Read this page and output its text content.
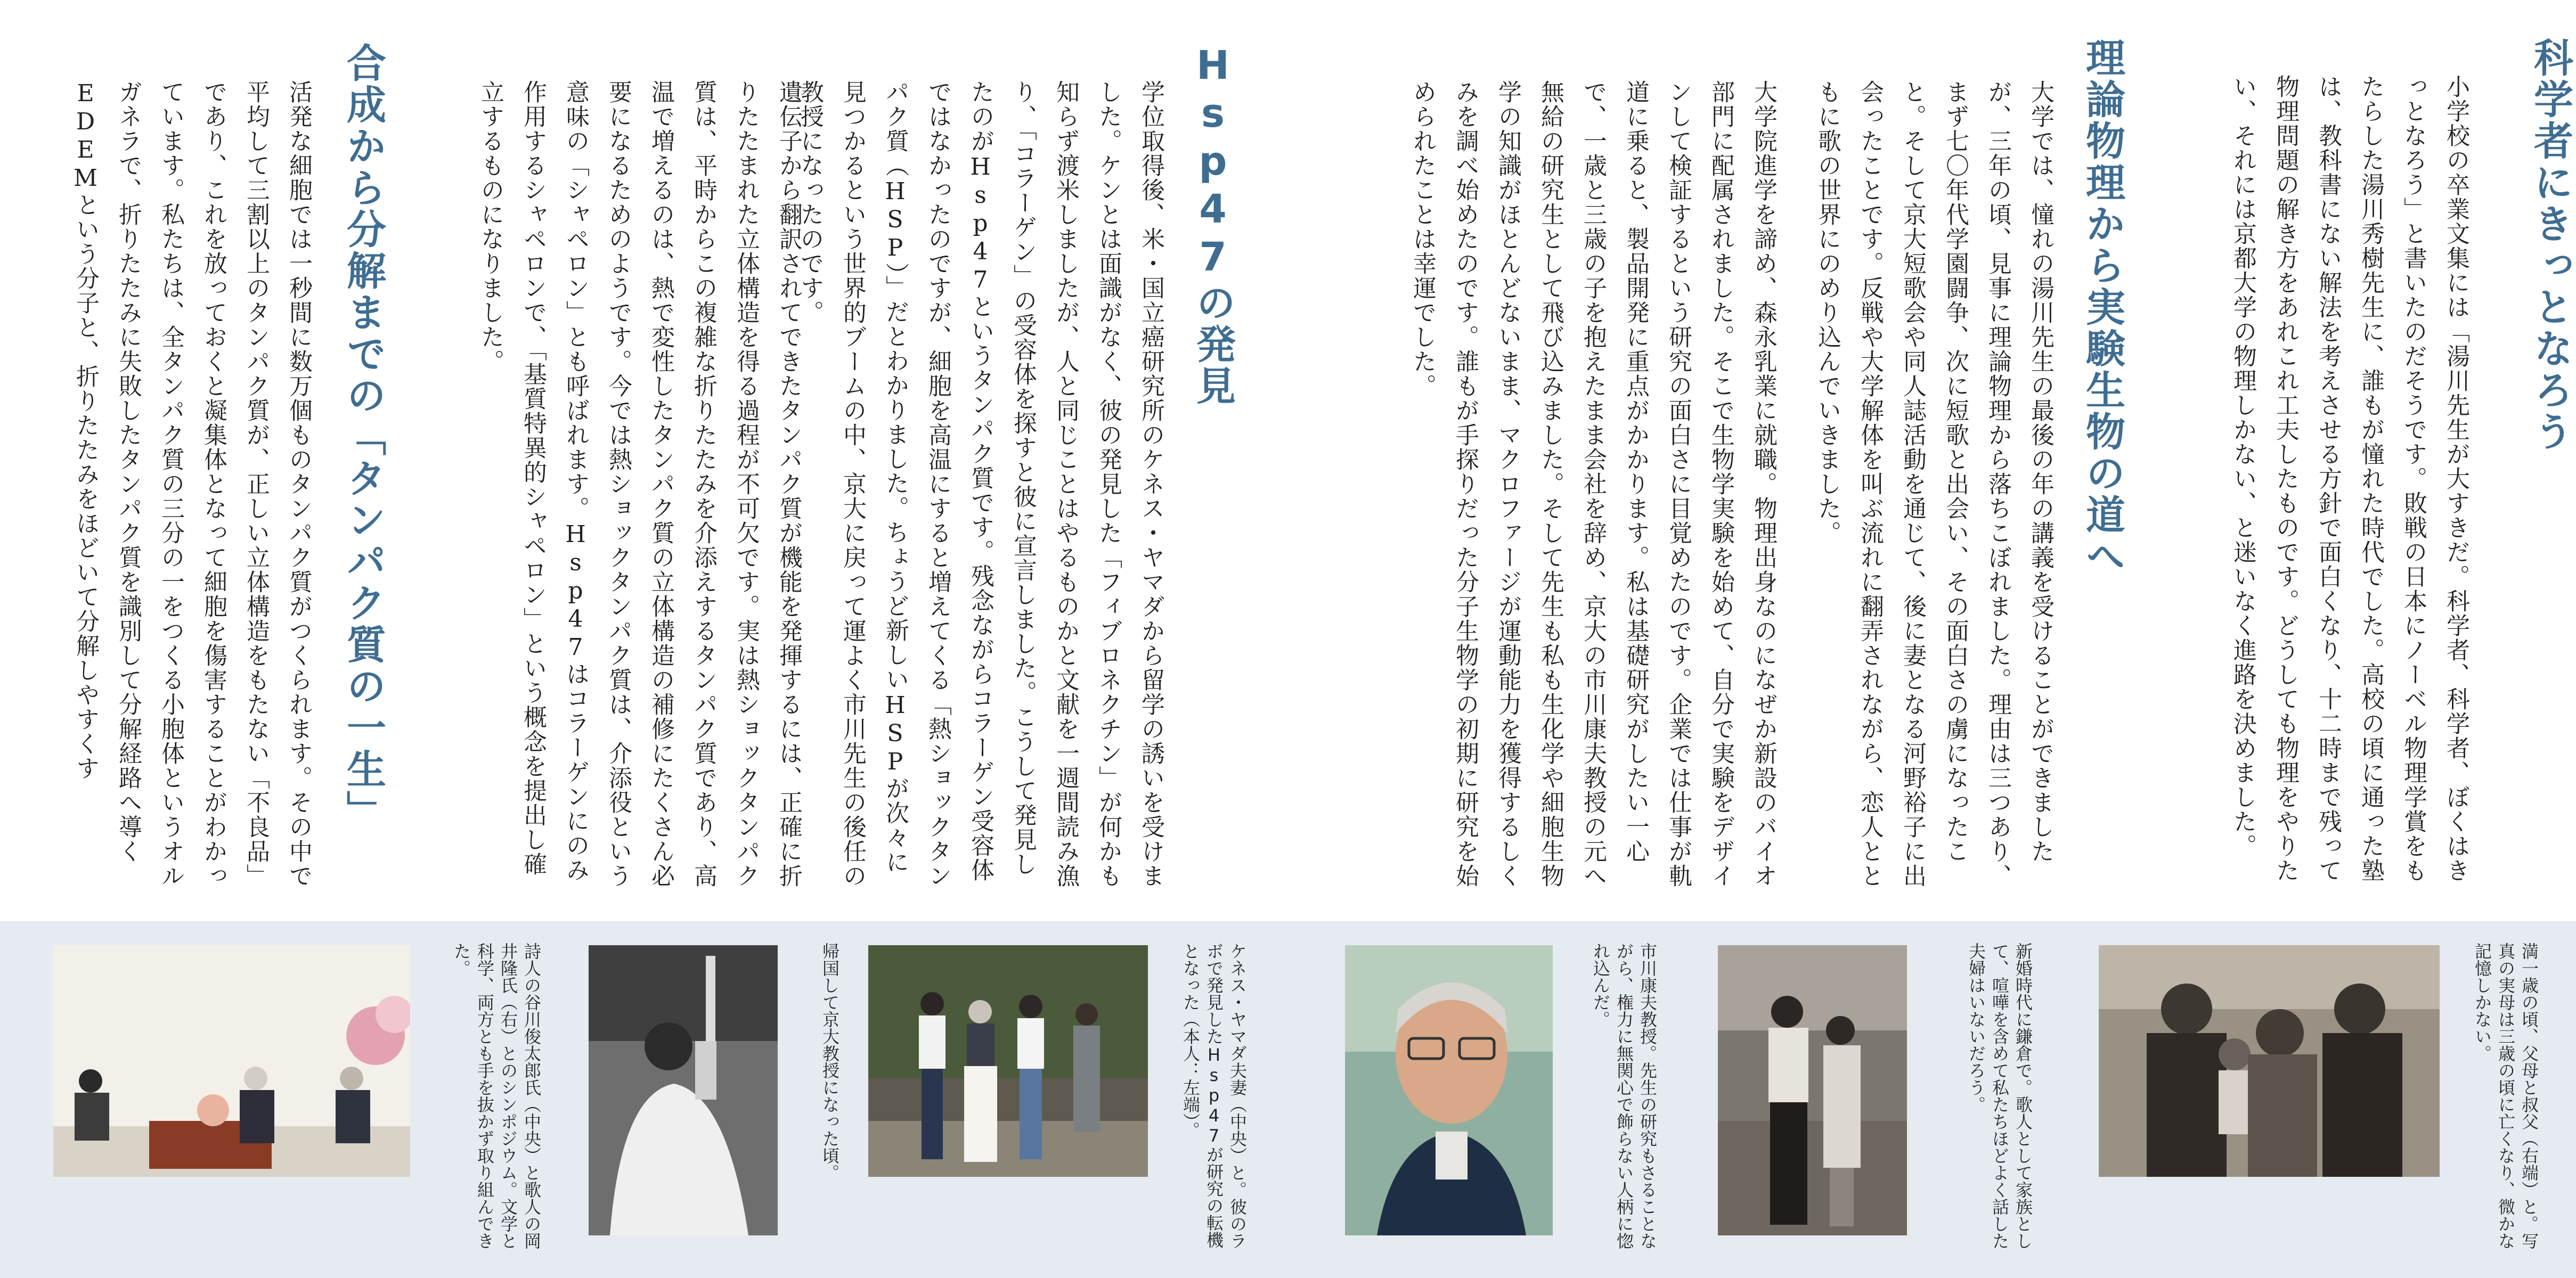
科学者にきっとなろう
小学校の卒業文集には「湯川先生が大すきだ。科学者、科学者、ぼくはきっとなろう」と書いたのだそうです。敗戦の日本にノーベル物理学賞をもたらした湯川秀樹先生に、誰もが憧れた時代でした。高校の頃に通った塾は、教科書にない解法を考えさせる方針で面白くなり、十二時まで残って物理問題の解き方をあれこれ工夫したものです。どうしても物理をやりたい、それには京都大学の物理しかない、と迷いなく進路を決めました。
理論物理から実験生物の道へ
大学では、憧れの湯川先生の最後の年の講義を受けることができましたが、三年の頃、見事に理論物理から落ちこぼれました。理由は三つあり、まず七〇年代学園闘争、次に短歌と出会い、その面白さの虜になったこと。そして京大短歌会や同人誌活動を通じて、後に妻となる河野裕子に出会ったことです。反戦や大学解体を叫ぶ流れに翻弄されながら、恋人とともに歌の世界にのめり込んでいきました。
大学院進学を諦め、森永乳業に就職。物理出身なのになぜか新設のバイオ部門に配属されました。そこで生物学実験を始めて、自分で実験をデザインして検証するという研究の面白さに目覚めたのです。企業では仕事が軌道に乗ると、製品開発に重点がかかります。私は基礎研究がしたい一心で、一歳と三歳の子を抱えたまま会社を辞め、京大の市川康夫教授の元へ無給の研究生として飛び込みました。そして先生も私も生化学や細胞生物学の知識がほとんどないまま、マクロファージが運動能力を獲得するしくみを調べ始めたのです。誰もが手探りだった分子生物学の初期に研究を始められたことは幸運でした。
Hsp47の発見
学位取得後、米・国立癌研究所のケネス・ヤマダから留学の誘いを受けました。ケンとは面識がなく、彼の発見した「フィブロネクチン」が何かも知らず渡米しましたが、人と同じことはやるものかと文献を一週間読み漁り、「コラーゲン」の受容体を探すと彼に宣言しました。こうして発見したのがHsp47というタンパク質です。残念ながらコラーゲン受容体ではなかったのですが、細胞を高温にすると増えてくる「熱ショックタンパク質（HSP）」だとわかりました。ちょうど新しいHSPが次々に見つかるという世界的ブームの中、京大に戻って運よく市川先生の後任の教授になったのです。
遺伝子から翻訳されてできたタンパク質が機能を発揮するには、正確に折りたたまれた立体構造を得る過程が不可欠です。実は熱ショックタンパク質は、平時からこの複雑な折りたたみを介添えするタンパク質であり、高温で増えるのは、熱で変性したタンパク質の立体構造の補修にたくさん必要になるためのようです。今では熱ショックタンパク質は、介添役という意味の「シャペロン」とも呼ばれます。Hsp47はコラーゲンにのみ作用するシャペロンで、「基質特異的シャペロン」という概念を提出し確立するものになりました。
合成から分解までの「タンパク質の一生」
活発な細胞では一秒間に数万個ものタンパク質がつくられます。その中で平均して三割以上のタンパク質が、正しい立体構造をもたない「不良品」であり、これを放っておくと凝集体となって細胞を傷害することがわかっています。私たちは、全タンパク質の三分の一をつくる小胞体というオルガネラで、折りたたみに失敗したタンパク質を識別して分解経路へ導くEDEMという分子と、折りたたみをほどいて分解しやすくす
満一歳の頃、父母と叔父（右端）と。写真の実母は三歳の頃に亡くなり、微かな記憶しかない。
新婚時代に鎌倉で。歌人として家族として、喧嘩を含めて私たちほどよく話した夫婦はいないだろう。
市川康夫教授。先生の研究もさることながら、権力に無関心で飾らない人柄に惚れ込んだ。
ケネス・ヤマダ夫妻（中央）と。彼のラボで発見したHsp47が研究の転機となった（本人：左端）。
帰国して京大教授になった頃。
詩人の谷川俊太郎氏（中央）と歌人の岡井隆氏（右）とのシンポジウム。文学と科学、両方とも手を抜かず取り組んできた。
